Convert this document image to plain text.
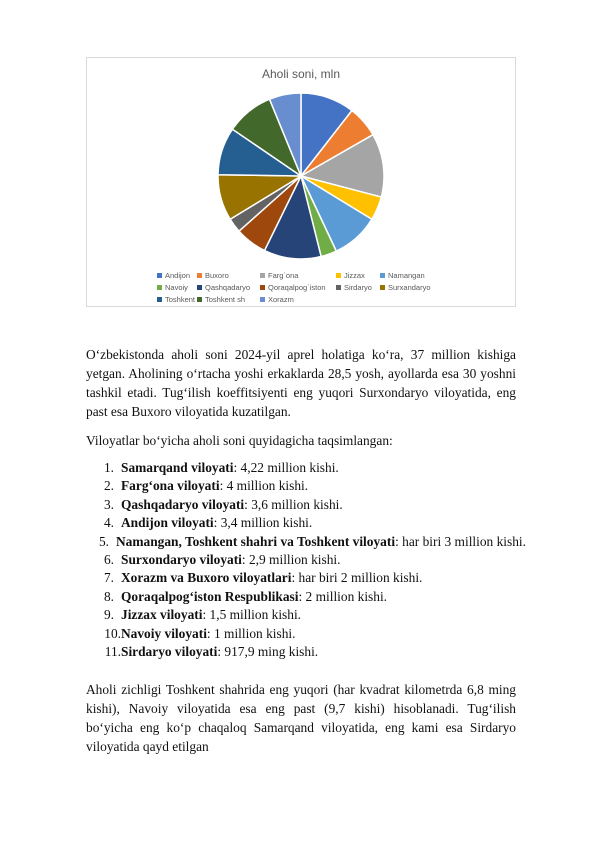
Aholi soni, mln
Andijon Buxoro	Farg`ona	Jizzax	Namangan
Navoiy Qashqadaryo Qoraqalpog`iston Sirdaryo Surxandaryo
Toshkent Toshkent sh	Xorazm

O‘zbekistonda aholi soni 2024-yil aprel holatiga ko‘ra, 37 million kishiga yetgan. Aholining o‘rtacha yoshi erkaklarda 28,5 yosh, ayollarda esa 30 yoshni tashkil etadi. Tug‘ilish koeffitsiyenti eng yuqori Surxondaryo viloyatida, eng past esa Buxoro viloyatida kuzatilgan.

Viloyatlar bo‘yicha aholi soni quyidagicha taqsimlangan:

1. Samarqand viloyati: 4,22 million kishi.
2. Farg‘ona viloyati: 4 million kishi.
3. Qashqadaryo viloyati: 3,6 million kishi.
4. Andijon viloyati: 3,4 million kishi.
5. Namangan, Toshkent shahri va Toshkent viloyati: har biri 3 million kishi.
6. Surxondaryo viloyati: 2,9 million kishi.
7. Xorazm va Buxoro viloyatlari: har biri 2 million kishi.
8. Qoraqalpog‘iston Respublikasi: 2 million kishi.
9. Jizzax viloyati: 1,5 million kishi.
10. Navoiy viloyati: 1 million kishi.
11. Sirdaryo viloyati: 917,9 ming kishi.

Aholi zichligi Toshkent shahrida eng yuqori (har kvadrat kilometrda 6,8 ming kishi), Navoiy viloyatida esa eng past (9,7 kishi) hisoblanadi. Tug‘ilish bo‘yicha eng ko‘p chaqaloq Samarqand viloyatida, eng kami esa Sirdaryo viloyatida qayd etilgan
